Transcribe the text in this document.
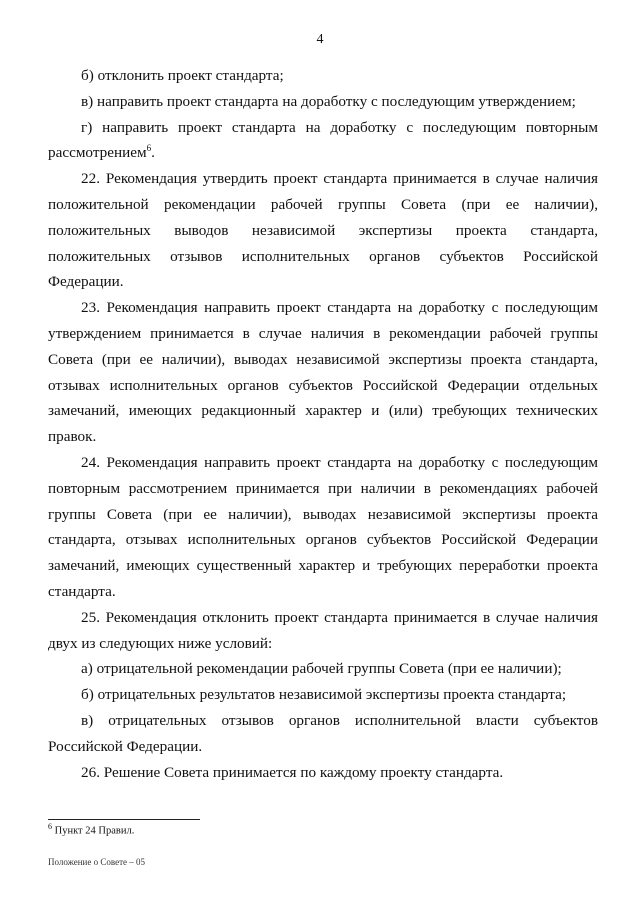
4

б) отклонить проект стандарта;

в) направить проект стандарта на доработку с последующим утверждением;

г) направить проект стандарта на доработку с последующим повторным рассмотрением$^6$.

22. Рекомендация утвердить проект стандарта принимается в случае наличия положительной рекомендации рабочей группы Совета (при ее наличии), положительных выводов независимой экспертизы проекта стандарта, положительных отзывов исполнительных органов субъектов Российской Федерации.

23. Рекомендация направить проект стандарта на доработку с последующим утверждением принимается в случае наличия в рекомендации рабочей группы Совета (при ее наличии), выводах независимой экспертизы проекта стандарта, отзывах исполнительных органов субъектов Российской Федерации отдельных замечаний, имеющих редакционный характер и (или) требующих технических правок.

24. Рекомендация направить проект стандарта на доработку с последующим повторным рассмотрением принимается при наличии в рекомендациях рабочей группы Совета (при ее наличии), выводах независимой экспертизы проекта стандарта, отзывах исполнительных органов субъектов Российской Федерации замечаний, имеющих существенный характер и требующих переработки проекта стандарта.

25. Рекомендация отклонить проект стандарта принимается в случае наличия двух из следующих ниже условий:

а) отрицательной рекомендации рабочей группы Совета (при ее наличии);

б) отрицательных результатов независимой экспертизы проекта стандарта;

в) отрицательных отзывов органов исполнительной власти субъектов Российской Федерации.

26. Решение Совета принимается по каждому проекту стандарта.

$^6$ Пункт 24 Правил.
Положение о Совете – 05
